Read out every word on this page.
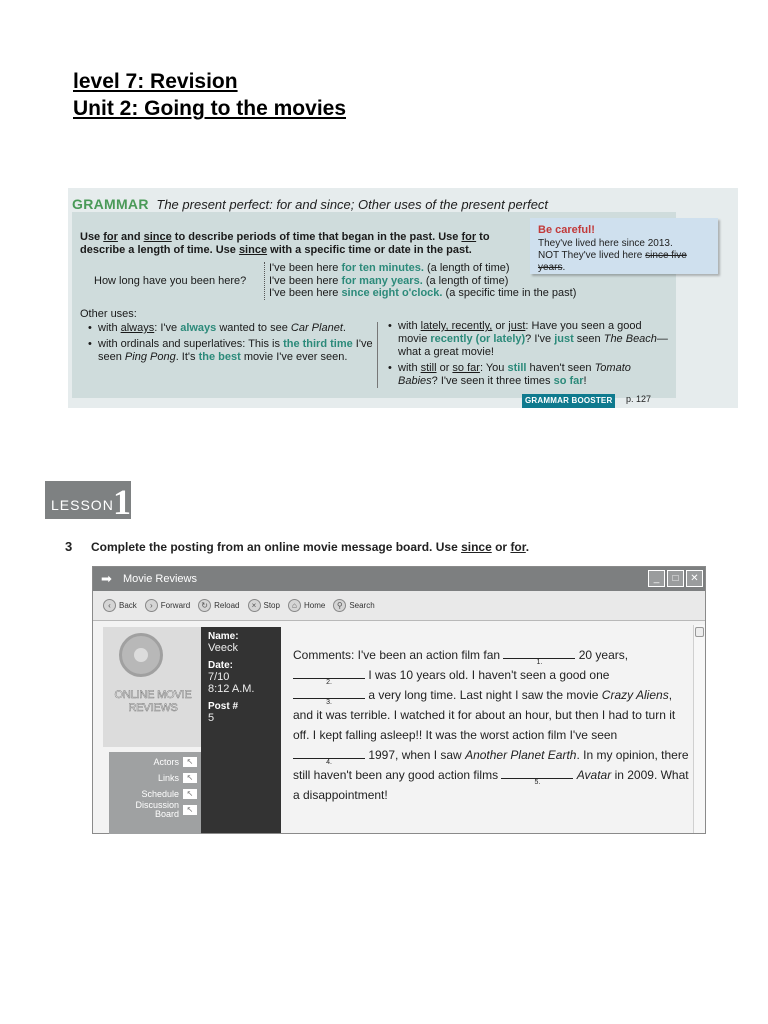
level 7: Revision
Unit 2: Going to the movies
GRAMMAR The present perfect: for and since; Other uses of the present perfect
Use for and since to describe periods of time that began in the past. Use for to describe a length of time. Use since with a specific time or date in the past.
How long have you been here?
I've been here for ten minutes. (a length of time)
I've been here for many years. (a length of time)
I've been here since eight o'clock. (a specific time in the past)
Other uses:
• with always: I've always wanted to see Car Planet.
• with ordinals and superlatives: This is the third time I've seen Ping Pong. It's the best movie I've ever seen.
• with lately, recently, or just: Have you seen a good movie recently (or lately)? I've just seen The Beach—what a great movie!
• with still or so far: You still haven't seen Tomato Babies? I've seen it three times so far!
Be careful!
They've lived here since 2013.
NOT They've lived here since five years.
GRAMMAR BOOSTER	p. 127
LESSON 1
3 Complete the posting from an online movie message board. Use since or for.
➡ Movie Reviews	_	□	✕
‹	Back	›	Forward	↻ Reload	× Stop	⌂ Home	⚲ Search
ONLINE MOVIE REVIEWS
Actors ↖
Links ↖
Schedule ↖
Discussion Board ↖
Name:
Veeck
Date:
7/10
8:12 A.M.
Post #
5
Comments: I've been an action film fan
1.
20 years,

2.
I was 10 years old. I haven't seen a good one

3.
a very long time. Last night I saw the movie Crazy Aliens, and it was terrible. I watched it for about an hour, but then I had to turn it off. I kept falling asleep!! It was the worst action film I've seen
4.
1997, when I saw Another Planet Earth. In my opinion, there still haven't been any good action films
5.
Avatar in 2009. What a disappointment!
